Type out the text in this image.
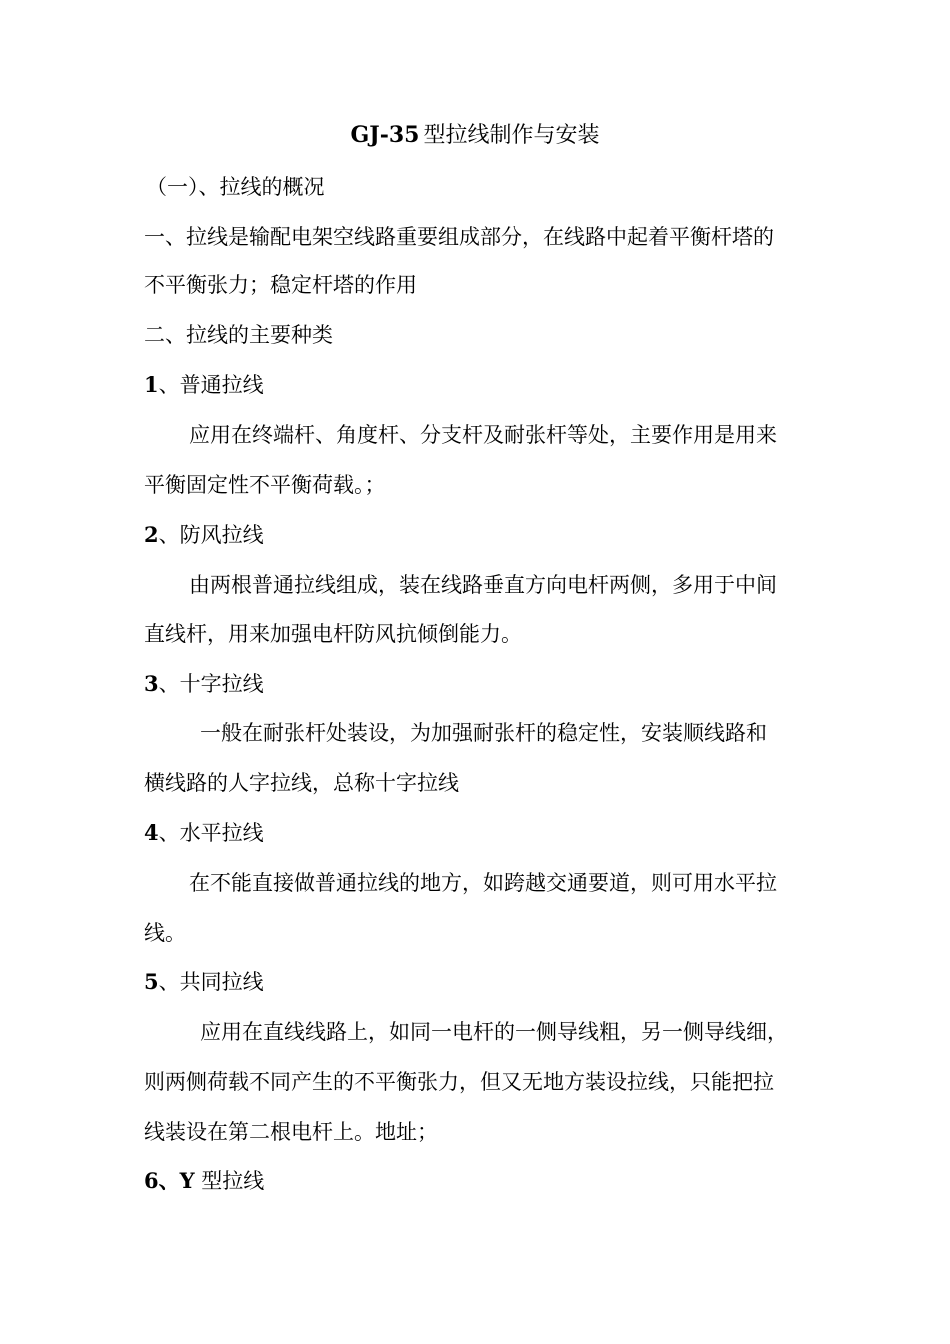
GJ-35 型拉线制作与安装
（一）、拉线的概况
一、拉线是输配电架空线路重要组成部分，在线路中起着平衡杆塔的
不平衡张力；稳定杆塔的作用
二、拉线的主要种类
1、普通拉线
应用在终端杆、角度杆、分支杆及耐张杆等处，主要作用是用来
平衡固定性不平衡荷载。；
2、防风拉线
由两根普通拉线组成，装在线路垂直方向电杆两侧，多用于中间
直线杆，用来加强电杆防风抗倾倒能力。
3、十字拉线
一般在耐张杆处装设，为加强耐张杆的稳定性，安装顺线路和
横线路的人字拉线，总称十字拉线
4、水平拉线
在不能直接做普通拉线的地方，如跨越交通要道，则可用水平拉
线。
5、共同拉线
应用在直线线路上，如同一电杆的一侧导线粗，另一侧导线细，
则两侧荷载不同产生的不平衡张力，但又无地方装设拉线，只能把拉
线装设在第二根电杆上。地址；
6、Y 型拉线
